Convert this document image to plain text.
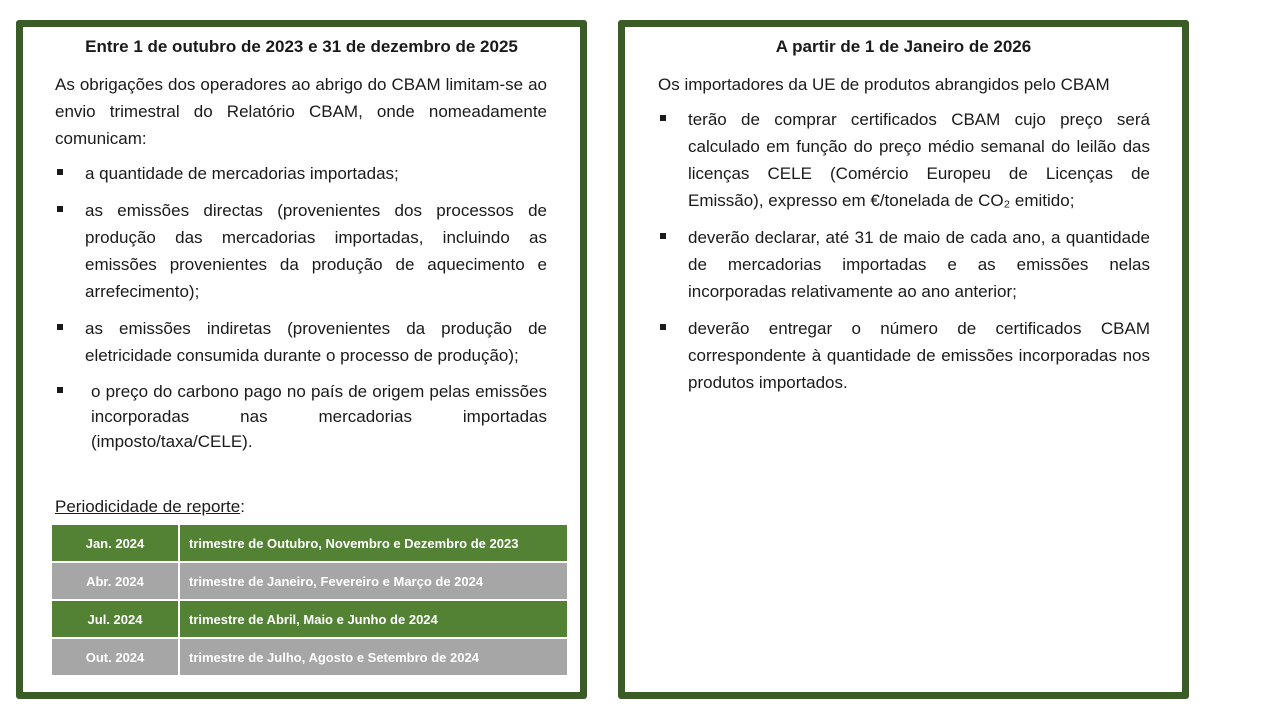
Entre 1 de outubro de 2023 e 31 de dezembro de 2025

As obrigações dos operadores ao abrigo do CBAM limitam-se ao envio trimestral do Relatório CBAM, onde nomeadamente comunicam:

a quantidade de mercadorias importadas;
as emissões directas (provenientes dos processos de produção das mercadorias importadas, incluindo as emissões provenientes da produção de aquecimento e arrefecimento);
as emissões indiretas (provenientes da produção de eletricidade consumida durante o processo de produção);
o preço do carbono pago no país de origem pelas emissões incorporadas nas mercadorias importadas (imposto/taxa/CELE).
Periodicidade de reporte:
Jan. 2024	trimestre de Outubro, Novembro e Dezembro de 2023
Abr. 2024	trimestre de Janeiro, Fevereiro e Março de 2024
Jul. 2024	trimestre de Abril, Maio e Junho de 2024
Out. 2024	trimestre de Julho, Agosto e Setembro de 2024
A partir de 1 de Janeiro de 2026

Os importadores da UE de produtos abrangidos pelo CBAM

terão de comprar certificados CBAM cujo preço será calculado em função do preço médio semanal do leilão das licenças CELE (Comércio Europeu de Licenças de Emissão), expresso em €/tonelada de CO₂ emitido;
deverão declarar, até 31 de maio de cada ano, a quantidade de mercadorias importadas e as emissões nelas incorporadas relativamente ao ano anterior;
deverão entregar o número de certificados CBAM correspondente à quantidade de emissões incorporadas nos produtos importados.
